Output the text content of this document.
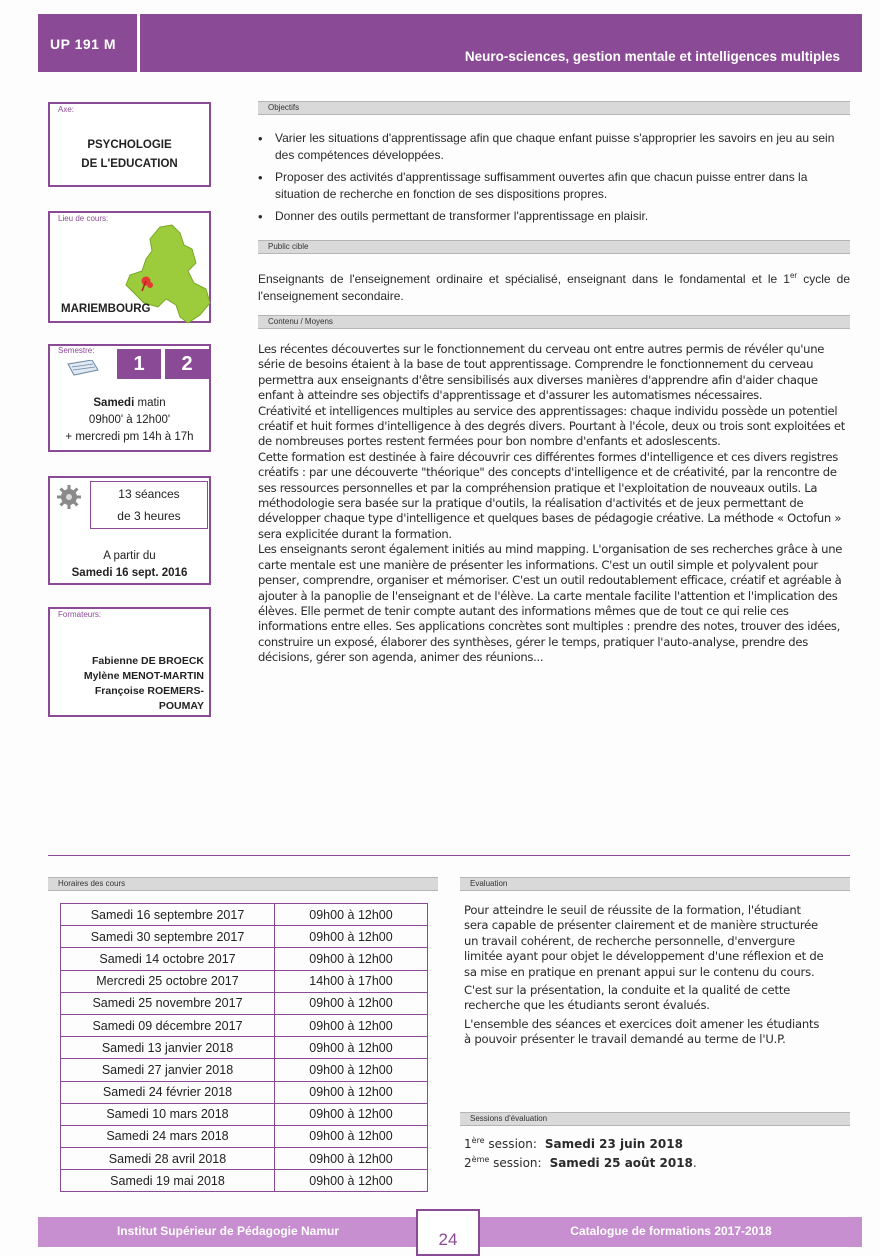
UP 191 M
Neuro-sciences, gestion mentale et intelligences multiples
Axe:
PSYCHOLOGIE
DE L'EDUCATION
Lieu de cours:
MARIEMBOURG
Semestre:
1	2
Samedi matin
09h00' à 12h00'
+ mercredi pm 14h à 17h
13 séances
de 3 heures
A partir du
Samedi 16 sept. 2016
Formateurs:
Fabienne DE BROECK
Mylène MENOT-MARTIN
Françoise ROEMERS-
POUMAY
Objectifs
• Varier les situations d'apprentissage afin que chaque enfant puisse s'approprier les savoirs en jeu au sein des compétences développées.
• Proposer des activités d'apprentissage suffisamment ouvertes afin que chacun puisse entrer dans la situation de recherche en fonction de ses dispositions propres.
• Donner des outils permettant de transformer l'apprentissage en plaisir.
Public cible
Enseignants de l'enseignement ordinaire et spécialisé, enseignant dans le fondamental et le 1er cycle de l'enseignement secondaire.
Contenu / Moyens

Les récentes découvertes sur le fonctionnement du cerveau ont entre autres permis de révéler qu'une série de besoins étaient à la base de tout apprentissage. Comprendre le fonctionnement du cerveau permettra aux enseignants d'être sensibilisés aux diverses manières d'apprendre afin d'aider chaque enfant à atteindre ses objectifs d'apprentissage et d'assurer les automatismes nécessaires.

Créativité et intelligences multiples au service des apprentissages: chaque individu possède un potentiel créatif et huit formes d'intelligence à des degrés divers. Pourtant à l'école, deux ou trois sont exploitées et de nombreuses portes restent fermées pour bon nombre d'enfants et adoslescents.

Cette formation est destinée à faire découvrir ces différentes formes d'intelligence et ces divers registres créatifs : par une découverte "théorique" des concepts d'intelligence et de créativité, par la rencontre de ses ressources personnelles et par la compréhension pratique et l'exploitation de nouveaux outils. La méthodologie sera basée sur la pratique d'outils, la réalisation d'activités et de jeux permettant de développer chaque type d'intelligence et quelques bases de pédagogie créative. La méthode « Octofun » sera explicitée durant la formation.

Les enseignants seront également initiés au mind mapping. L'organisation de ses recherches grâce à une carte mentale est une manière de présenter les informations. C'est un outil simple et polyvalent pour penser, comprendre, organiser et mémoriser. C'est un outil redoutablement efficace, créatif et agréable à ajouter à la panoplie de l'enseignant et de l'élève. La carte mentale facilite l'attention et l'implication des élèves. Elle permet de tenir compte autant des informations mêmes que de tout ce qui relie ces informations entre elles. Ses applications concrètes sont multiples : prendre des notes, trouver des idées, construire un exposé, élaborer des synthèses, gérer le temps, pratiquer l'auto-analyse, prendre des décisions, gérer son agenda, animer des réunions...

Horaires des cours
Samedi 16 septembre 2017	09h00 à 12h00
Samedi 30 septembre 2017	09h00 à 12h00
Samedi 14 octobre 2017	09h00 à 12h00
Mercredi 25 octobre 2017	14h00 à 17h00
Samedi 25 novembre 2017	09h00 à 12h00
Samedi 09 décembre 2017	09h00 à 12h00
Samedi 13 janvier 2018	09h00 à 12h00
Samedi 27 janvier 2018	09h00 à 12h00
Samedi 24 février 2018	09h00 à 12h00
Samedi 10 mars 2018	09h00 à 12h00
Samedi 24 mars 2018	09h00 à 12h00
Samedi 28 avril 2018	09h00 à 12h00
Samedi 19 mai 2018	09h00 à 12h00
Evaluation

Pour atteindre le seuil de réussite de la formation, l'étudiant sera capable de présenter clairement et de manière structurée un travail cohérent, de recherche personnelle, d'envergure limitée ayant pour objet le développement d'une réflexion et de sa mise en pratique en prenant appui sur le contenu du cours.

C'est sur la présentation, la conduite et la qualité de cette recherche que les étudiants seront évalués.

L'ensemble des séances et exercices doit amener les étudiants à pouvoir présenter le travail demandé au terme de l'U.P.

Sessions d'évaluation
1ère session: Samedi 23 juin 2018
2ème session: Samedi 25 août 2018.
Institut Supérieur de Pédagogie Namur	Catalogue de formations 2017-2018
24
